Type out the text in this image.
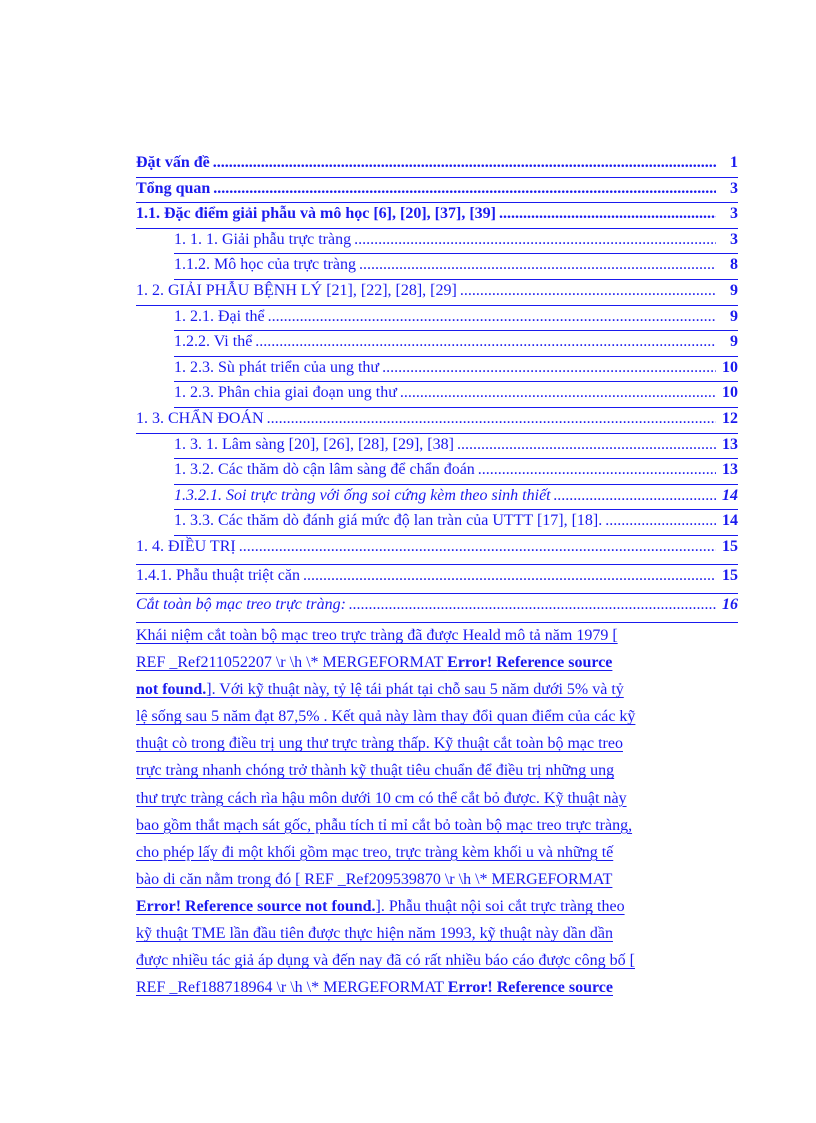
Đặt vấn đề .....	1
Tổng quan .....	3
1.1. Đặc điểm giải phẫu và mô học [6], [20], [37], [39] .....	3
1. 1. 1. Giải phẫu trực tràng .....	3
1.1.2. Mô học của trực tràng .....	8
1. 2. GIẢI PHẪU BỆNH LÝ [21], [22], [28], [29] .....	9
1. 2.1. Đại thể .....	9
1.2.2. Vi thể .....	9
1. 2.3. Sù phát triển của ung thư .....	10
1. 2.3. Phân chia giai đoạn ung thư .....	10
1. 3. CHẨN ĐOÁN .....	12
1. 3. 1. Lâm sàng [20], [26], [28], [29], [38] .....	13
1. 3.2. Các thăm dò cận lâm sàng để chẩn đoán .....	13
1.3.2.1. Soi trực tràng với ống soi cứng kèm theo sinh thiết .....	14
1. 3.3. Các thăm dò đánh giá mức độ lan tràn của UTTT [17], [18]. .....	14
1. 4. ĐIỀU TRỊ .....	15
1.4.1. Phẫu thuật triệt căn .....	15
Cắt toàn bộ mạc treo trực tràng: .....	16
Khái niệm cắt toàn bộ mạc treo trực tràng đã được Heald mô tả năm 1979 [
REF _Ref211052207 \r \h \* MERGEFORMAT Error! Reference source
not found.]. Với kỹ thuật này, tỷ lệ tái phát tại chỗ sau 5 năm dưới 5% và tỷ
lệ sống sau 5 năm đạt 87,5% . Kết quả này làm thay đổi quan điểm của các kỹ
thuật cò trong điều trị ung thư trực tràng thấp. Kỹ thuật cắt toàn bộ mạc treo
trực tràng nhanh chóng trở thành kỹ thuật tiêu chuẩn để điều trị những ung
thư trực tràng cách rìa hậu môn dưới 10 cm có thể cắt bỏ được. Kỹ thuật này
bao gồm thắt mạch sát gốc, phẫu tích tỉ mỉ cắt bỏ toàn bộ mạc treo trực tràng,
cho phép lấy đi một khối gồm mạc treo, trực tràng kèm khối u và những tế
bào di căn nằm trong đó [ REF _Ref209539870 \r \h \* MERGEFORMAT
Error! Reference source not found.]. Phẫu thuật nội soi cắt trực tràng theo
kỹ thuật TME lần đầu tiên được thực hiện năm 1993, kỹ thuật này dần dần
được nhiều tác giả áp dụng và đến nay đã có rất nhiều báo cáo được công bố [
REF _Ref188718964 \r \h \* MERGEFORMAT Error! Reference source
